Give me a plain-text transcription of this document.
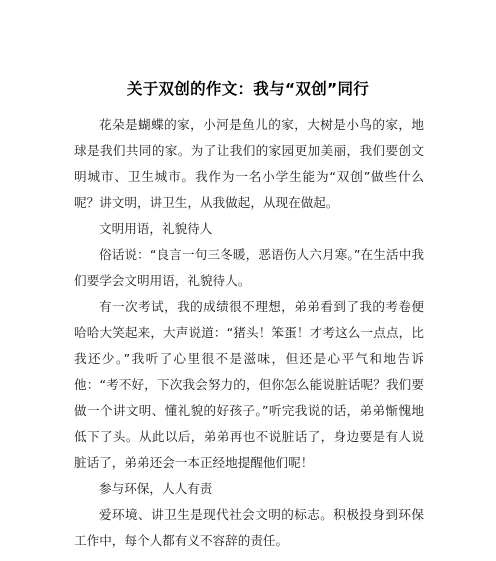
关于双创的作文：我与“双创”同行

花朵是蝴蝶的家，小河是鱼儿的家，大树是小鸟的家，地球是我们共同的家。为了让我们的家园更加美丽，我们要创文明城市、卫生城市。我作为一名小学生能为“双创”做些什么呢？讲文明，讲卫生，从我做起，从现在做起。

文明用语，礼貌待人

俗话说：“良言一句三冬暖，恶语伤人六月寒。”在生活中我们要学会文明用语，礼貌待人。

有一次考试，我的成绩很不理想，弟弟看到了我的考卷便哈哈大笑起来，大声说道：“猪头！笨蛋！才考这么一点点，比我还少。”我听了心里很不是滋味，但还是心平气和地告诉他：“考不好，下次我会努力的，但你怎么能说脏话呢？我们要做一个讲文明、懂礼貌的好孩子。”听完我说的话，弟弟惭愧地低下了头。从此以后，弟弟再也不说脏话了，身边要是有人说脏话了，弟弟还会一本正经地提醒他们呢！

参与环保，人人有责

爱环境、讲卫生是现代社会文明的标志。积极投身到环保工作中，每个人都有义不容辞的责任。
